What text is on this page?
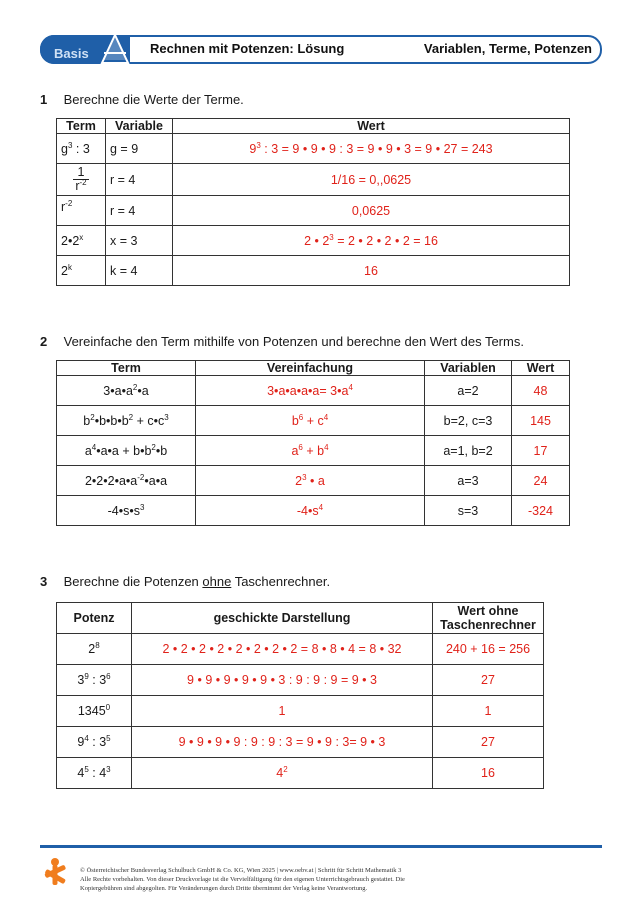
Basis	Rechnen mit Potenzen: Lösung	Variablen, Terme, Potenzen
1 Berechne die Werte der Terme.
Term	Variable	Wert
$g^3$ : 3	g = 9	$9^3$ : 3 = 9 • 9 • 9 : 3 = 9 • 9 • 3 = 9 • 27 = 243

$\frac{1}{r^{-2}}$	r = 4	1/16 = 0,,0625
$r^{-2}$	r = 4	0,0625
2•2$^x$	x = 3	2 • $2^3 = 2$ • 2 • 2 • 2 = 16
2$^k$	k = 4	16
2 Vereinfache den Term mithilfe von Potenzen und berechne den Wert des Terms.
Term	Vereinfachung	Variablen	Wert
$3•a•a^2•a$	3•a•a•a•a= $3•a^4$	a=2	48
$b^2•b•b•b^2$ + $c•c^3$	$b^6 + c^4$	b=2, c=3	145
$a^4•a•a$ + $b•b^2•b$	$a^6 + b^4$	a=1, b=2	17
$2•2•2•a•a^{-2}•a•a$	$2^3$ • a	a=3	24
$-4•s•s^3$	$-4•s^4$	s=3	-324
3 Berechne die Potenzen ohne Taschenrechner.
Potenz	geschickte Darstellung	Wert ohne
Taschenrechner
$2^8$	2 • 2 • 2 • 2 • 2 • 2 • 2 • 2 = 8 • 8 • 4 = 8 • 32	240 + 16 = 256
$3^9$ : $3^6$	9 • 9 • 9 • 9 • 9 • 3 : 9 : 9 : 9 = 9 • 3	27
1345$^0$	1	1
$9^4$ : $3^5$	9 • 9 • 9 • 9 : 9 : 9 : 3 = 9 • 9 : 3= 9 • 3	27
$4^5$ : $4^3$	$4^2$	16
© Österreichischer Bundesverlag Schulbuch GmbH & Co. KG, Wien 2025 | www.oebv.at | Schritt für Schritt Mathematik 3
Alle Rechte vorbehalten. Von dieser Druckvorlage ist die Vervielfältigung für den eigenen Unterrichtsgebrauch gestattet. Die
Kopiergebühren sind abgegolten. Für Veränderungen durch Dritte übernimmt der Verlag keine Verantwortung.
